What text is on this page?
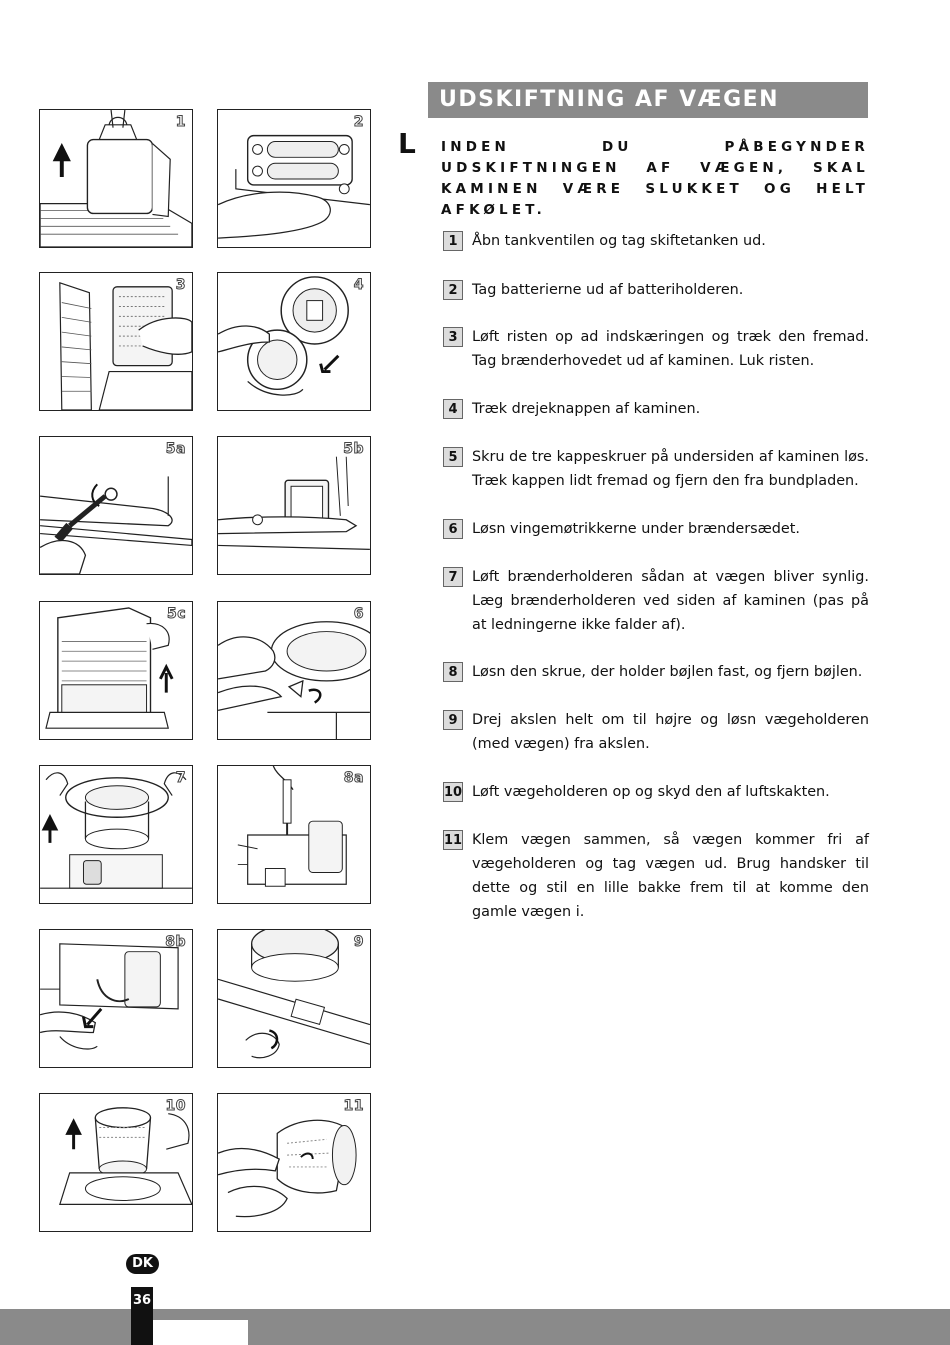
1	2
3	4
5a	5b
5c	6
7	8a
8b	9
10	11
UDSKIFTNING AF VÆGEN
L INDEN DU PÅBEGYNDER UDSKIFTNINGEN AF VÆGEN, SKAL KAMINEN VÆRE SLUKKET OG HELT AFKØLET.
1	Åbn tankventilen og tag skiftetanken ud.
2	Tag batterierne ud af batteriholderen.
3	Løft risten op ad indskæringen og træk den fremad. Tag brænderhovedet ud af kaminen. Luk risten.
4	Træk drejeknappen af kaminen.
5	Skru de tre kappeskruer på undersiden af kaminen løs. Træk kappen lidt fremad og fjern den fra bundpladen.
6	Løsn vingemøtrikkerne under brændersædet.
7	Løft brænderholderen sådan at vægen bliver synlig. Læg brænderholderen ved siden af kaminen (pas på at ledningerne ikke falder af).
8	Løsn den skrue, der holder bøjlen fast, og fjern bøjlen.
9	Drej akslen helt om til højre og løsn vægeholderen (med vægen) fra akslen.
10 Løft vægeholderen op og skyd den af luftskakten.
11 Klem vægen sammen, så vægen kommer fri af vægeholderen og tag vægen ud. Brug handsker til dette og stil en lille bakke frem til at komme den gamle vægen i.
DK
36
